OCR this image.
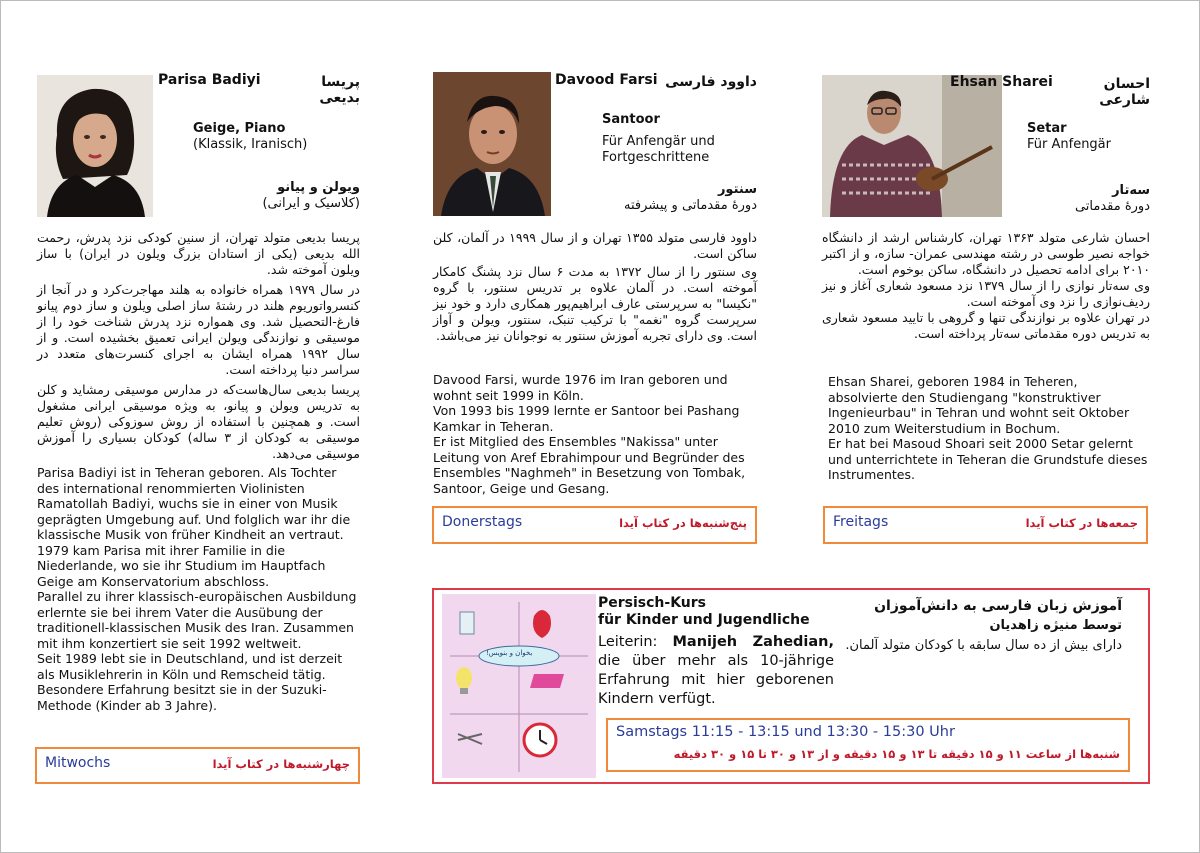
پریسا بدیعی
Parisa Badiyi
Geige, Piano
(Klassik, Iranisch)
ویولن و پیانو
(کلاسیک و ایرانی)

پریسا بدیعی متولد تهران، از سنین کودکی نزد پدرش، رحمت الله بدیعی (یکی از استادان بزرگ ویلون در ایران) با ساز ویلون آموخته شد.

در سال ۱۹۷۹ همراه خانواده به هلند مهاجرت‌کرد و در آنجا از کنسرواتوریوم هلند در رشتهٔ ساز اصلی ویلون و ساز دوم پیانو فارغ-التحصیل شد. وی همواره نزد پدرش شناخت خود را از موسیقی و نوازندگی ویولن ایرانی تعمیق بخشیده است. و از سال ۱۹۹۲ همراه ایشان به اجرای کنسرت‌های متعدد در سراسر دنیا پرداخته است.

پریسا بدیعی سال‌هاست‌که در مدارس موسیقی رمشاید و کلن به تدریس ویولن و پیانو، به ویژه موسیقی ایرانی مشغول است. و همچنین با استفاده از روش سوزوکی (روش تعلیم موسیقی به کودکان از ۳ ساله) کودکان بسیاری را آموزش موسیقی می‌دهد.

Parisa Badiyi ist in Teheran geboren. Als Tochter des international renommierten Violinisten Ramatollah Badiyi, wuchs sie in einer von Musik geprägten Umgebung auf. Und folglich war ihr die klassische Musik von früher Kindheit an vertraut.
1979 kam Parisa mit ihrer Familie in die Niederlande, wo sie ihr Studium im Hauptfach Geige am Konservatorium abschloss.
Parallel zu ihrer klassisch-europäischen Ausbildung erlernte sie bei ihrem Vater die Ausübung der traditionell-klassischen Musik des Iran. Zusammen mit ihm konzertiert sie seit 1992 weltweit.
Seit 1989 lebt sie in Deutschland, und ist derzeit als Musiklehrerin in Köln und Remscheid tätig.
Besondere Erfahrung besitzt sie in der Suzuki-Methode (Kinder ab 3 Jahre).
Mitwochs	چهارشنبه‌ها در کتاب آیدا
Davood Farsi داوود فارسی
Santoor
Für Anfengär und Fortgeschrittene
سنتور
دورهٔ مقدماتی و پیشرفته

داوود فارسی متولد ۱۳۵۵ تهران و از سال ۱۹۹۹ در آلمان، کلن ساکن است.

وی سنتور را از سال ۱۳۷۲ به مدت ۶ سال نزد پشنگ کامکار آموخته است. در آلمان علاوه بر تدریس سنتور، با گروه "نکیسا" به سرپرستی عارف ابراهیم‌پور همکاری دارد و خود نیز سرپرست گروه "نغمه" با ترکیب تنبک، سنتور، ویولن و آواز است. وی دارای تجربه آموزش سنتور به نوجوانان نیز می‌باشد.

Davood Farsi, wurde 1976 im Iran geboren und wohnt seit 1999 in Köln.
Von 1993 bis 1999 lernte er Santoor bei Pashang Kamkar in Teheran.
Er ist Mitglied des Ensembles "Nakissa" unter Leitung von Aref Ebrahimpour und Begründer des Ensembles "Naghmeh" in Besetzung von Tombak, Santoor, Geige und Gesang.
Donerstags	پنج‌شنبه‌ها در کتاب آیدا
Ehsan Sharei	احسان شارعی
Setar
Für Anfengär
سه‌تار
دورهٔ مقدماتی

احسان شارعی متولد ۱۳۶۳ تهران، کارشناس ارشد از دانشگاه خواجه نصیر طوسی در رشته مهندسی عمران- سازه، و از اکتبر ۲۰۱۰ برای ادامه تحصیل در دانشگاه، ساکن بوخوم است.

وی سه‌تار نوازی را از سال ۱۳۷۹ نزد مسعود شعاری آغاز و نیز ردیف‌نوازی را نزد وی آموخته است.

در تهران علاوه بر نوازندگی تنها و گروهی با تایید مسعود شعاری به تدریس دوره مقدماتی سه‌تار پرداخته است.

Ehsan Sharei, geboren 1984 in Teheren, absolvierte den Studiengang "konstruktiver Ingenieurbau" in Tehran und wohnt seit Oktober 2010 zum Weiterstudium in Bochum.
Er hat bei Masoud Shoari seit 2000 Setar gelernt und unterrichtete in Teheran die Grundstufe dieses Instrumentes.
Freitags	جمعه‌ها در کتاب آیدا
بخوان و بنویس!
Persisch-Kurs
für Kinder und Jugendliche
Leiterin: Manijeh Zahedian, die über mehr als 10-jährige Erfahrung mit hier geborenen Kindern verfügt.
آموزش زبان فارسی به دانش‌آموزان
توسط منیژه زاهدیان
دارای بیش از ده سال سابقه با کودکان متولد آلمان.
Samstags 11:15 - 13:15 und 13:30 - 15:30 Uhr
شنبه‌ها از ساعت ۱۱ و ۱۵ دقیقه تا ۱۳ و ۱۵ دقیقه و از ۱۳ و ۳۰ تا ۱۵ و ۳۰ دقیقه
